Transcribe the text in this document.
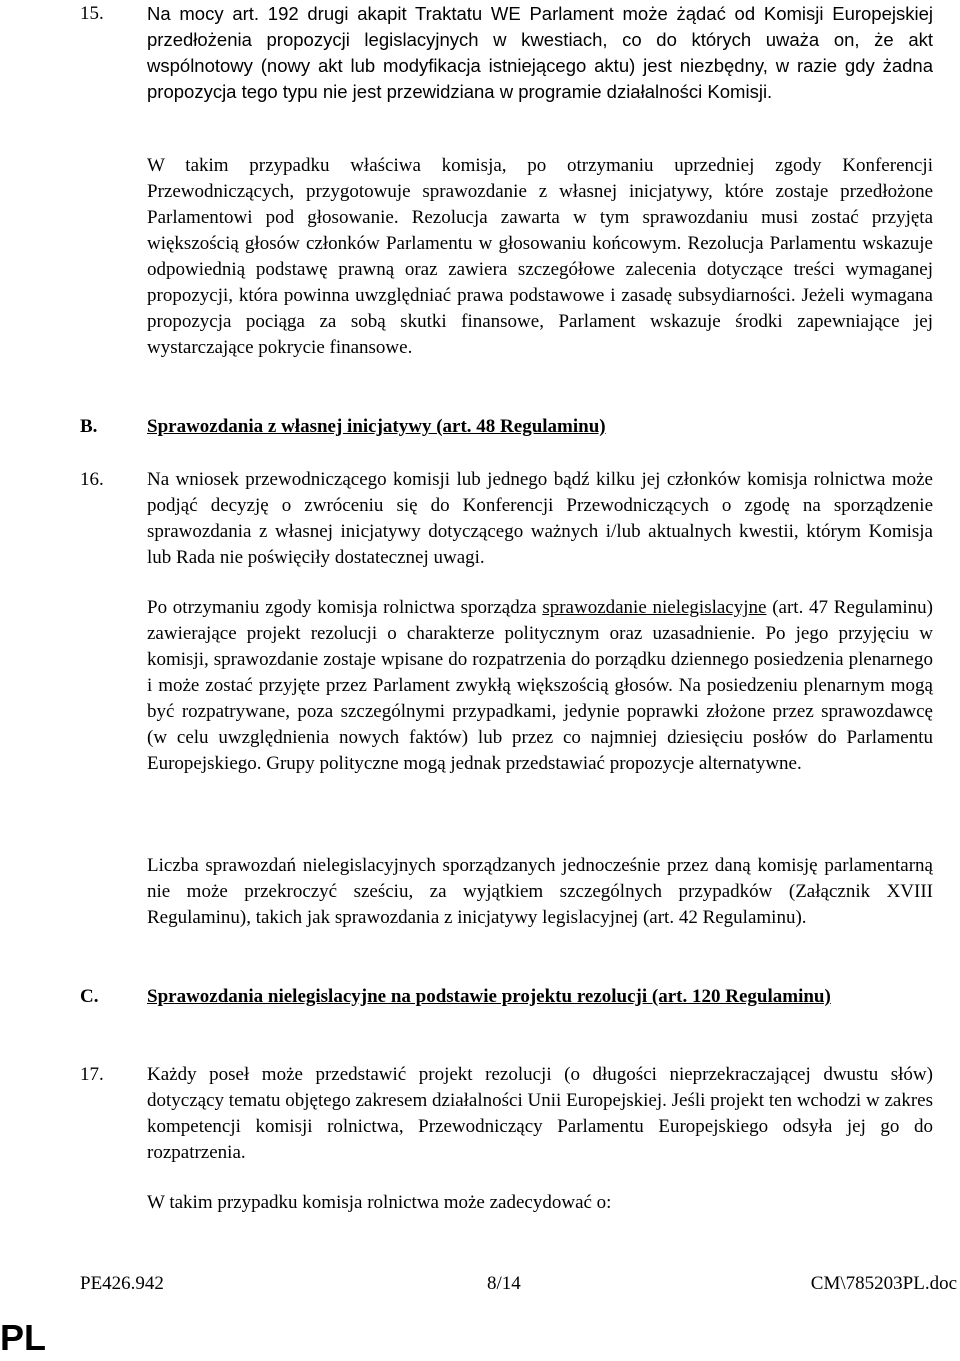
15. Na mocy art. 192 drugi akapit Traktatu WE Parlament może żądać od Komisji Europejskiej przedłożenia propozycji legislacyjnych w kwestiach, co do których uważa on, że akt wspólnotowy (nowy akt lub modyfikacja istniejącego aktu) jest niezbędny, w razie gdy żadna propozycja tego typu nie jest przewidziana w programie działalności Komisji.

W takim przypadku właściwa komisja, po otrzymaniu uprzedniej zgody Konferencji Przewodniczących, przygotowuje sprawozdanie z własnej inicjatywy, które zostaje przedłożone Parlamentowi pod głosowanie. Rezolucja zawarta w tym sprawozdaniu musi zostać przyjęta większością głosów członków Parlamentu w głosowaniu końcowym. Rezolucja Parlamentu wskazuje odpowiednią podstawę prawną oraz zawiera szczegółowe zalecenia dotyczące treści wymaganej propozycji, która powinna uwzględniać prawa podstawowe i zasadę subsydiarności. Jeżeli wymagana propozycja pociąga za sobą skutki finansowe, Parlament wskazuje środki zapewniające jej wystarczające pokrycie finansowe.

B.	Sprawozdania z własnej inicjatywy (art. 48 Regulaminu)

16. Na wniosek przewodniczącego komisji lub jednego bądź kilku jej członków komisja rolnictwa może podjąć decyzję o zwróceniu się do Konferencji Przewodniczących o zgodę na sporządzenie sprawozdania z własnej inicjatywy dotyczącego ważnych i/lub aktualnych kwestii, którym Komisja lub Rada nie poświęciły dostatecznej uwagi.

Po otrzymaniu zgody komisja rolnictwa sporządza sprawozdanie nielegislacyjne (art. 47 Regulaminu) zawierające projekt rezolucji o charakterze politycznym oraz uzasadnienie. Po jego przyjęciu w komisji, sprawozdanie zostaje wpisane do rozpatrzenia do porządku dziennego posiedzenia plenarnego i może zostać przyjęte przez Parlament zwykłą większością głosów. Na posiedzeniu plenarnym mogą być rozpatrywane, poza szczególnymi przypadkami, jedynie poprawki złożone przez sprawozdawcę (w celu uwzględnienia nowych faktów) lub przez co najmniej dziesięciu posłów do Parlamentu Europejskiego. Grupy polityczne mogą jednak przedstawiać propozycje alternatywne.

Liczba sprawozdań nielegislacyjnych sporządzanych jednocześnie przez daną komisję parlamentarną nie może przekroczyć sześciu, za wyjątkiem szczególnych przypadków (Załącznik XVIII Regulaminu), takich jak sprawozdania z inicjatywy legislacyjnej (art. 42 Regulaminu).

C.	Sprawozdania nielegislacyjne na podstawie projektu rezolucji (art. 120 Regulaminu)

17. Każdy poseł może przedstawić projekt rezolucji (o długości nieprzekraczającej dwustu słów) dotyczący tematu objętego zakresem działalności Unii Europejskiej. Jeśli projekt ten wchodzi w zakres kompetencji komisji rolnictwa, Przewodniczący Parlamentu Europejskiego odsyła jej go do rozpatrzenia.

W takim przypadku komisja rolnictwa może zadecydować o:

PE426.942	8/14	CM\785203PL.doc
PL
